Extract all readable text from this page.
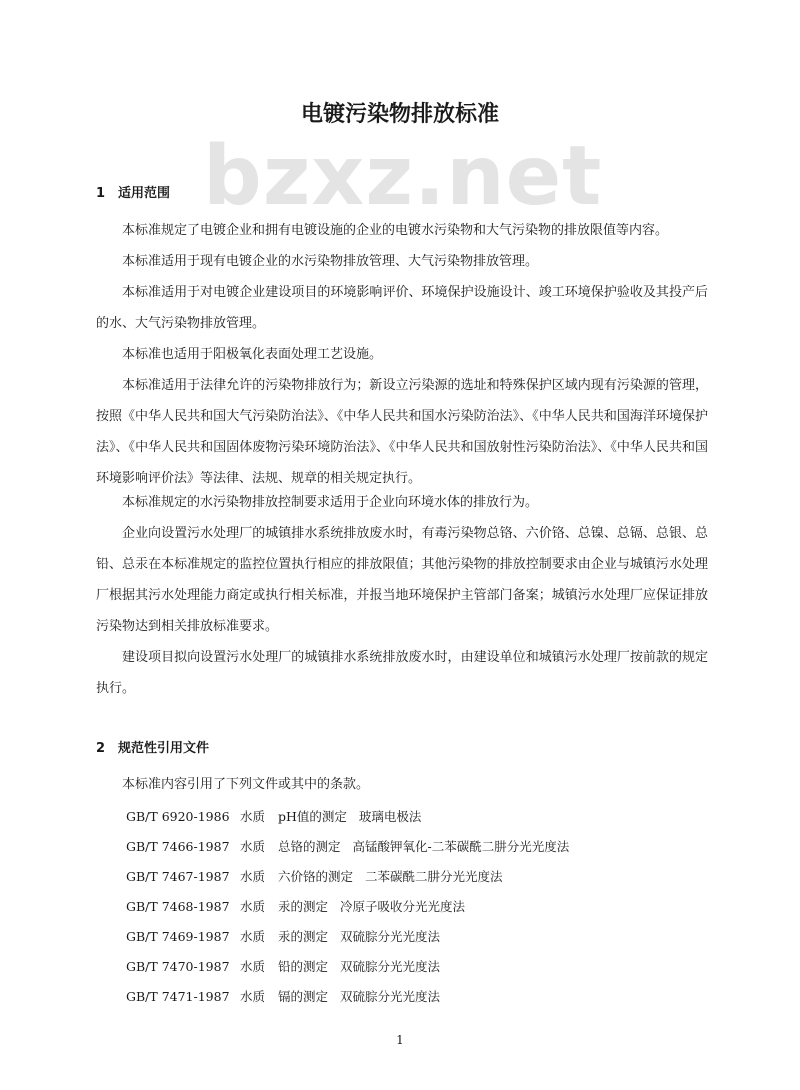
bzxz.net
电镀污染物排放标准
1 适用范围

本标准规定了电镀企业和拥有电镀设施的企业的电镀水污染物和大气污染物的排放限值等内容。

本标准适用于现有电镀企业的水污染物排放管理、大气污染物排放管理。

本标准适用于对电镀企业建设项目的环境影响评价、环境保护设施设计、竣工环境保护验收及其投产后的水、大气污染物排放管理。

本标准也适用于阳极氧化表面处理工艺设施。

本标准适用于法律允许的污染物排放行为；新设立污染源的选址和特殊保护区域内现有污染源的管理，按照《中华人民共和国大气污染防治法》、《中华人民共和国水污染防治法》、《中华人民共和国海洋环境保护法》、《中华人民共和国固体废物污染环境防治法》、《中华人民共和国放射性污染防治法》、《中华人民共和国环境影响评价法》等法律、法规、规章的相关规定执行。

本标准规定的水污染物排放控制要求适用于企业向环境水体的排放行为。

企业向设置污水处理厂的城镇排水系统排放废水时，有毒污染物总铬、六价铬、总镍、总镉、总银、总铅、总汞在本标准规定的监控位置执行相应的排放限值；其他污染物的排放控制要求由企业与城镇污水处理厂根据其污水处理能力商定或执行相关标准，并报当地环境保护主管部门备案；城镇污水处理厂应保证排放污染物达到相关排放标准要求。

建设项目拟向设置污水处理厂的城镇排水系统排放废水时，由建设单位和城镇污水处理厂按前款的规定执行。

2 规范性引用文件

本标准内容引用了下列文件或其中的条款。

GB/T 6920-1986 水质 pH值的测定 玻璃电极法
GB/T 7466-1987 水质 总铬的测定 高锰酸钾氧化-二苯碳酰二肼分光光度法
GB/T 7467-1987 水质 六价铬的测定 二苯碳酰二肼分光光度法
GB/T 7468-1987 水质 汞的测定 冷原子吸收分光光度法
GB/T 7469-1987 水质 汞的测定 双硫腙分光光度法
GB/T 7470-1987 水质 铅的测定 双硫腙分光光度法
GB/T 7471-1987 水质 镉的测定 双硫腙分光光度法
1
